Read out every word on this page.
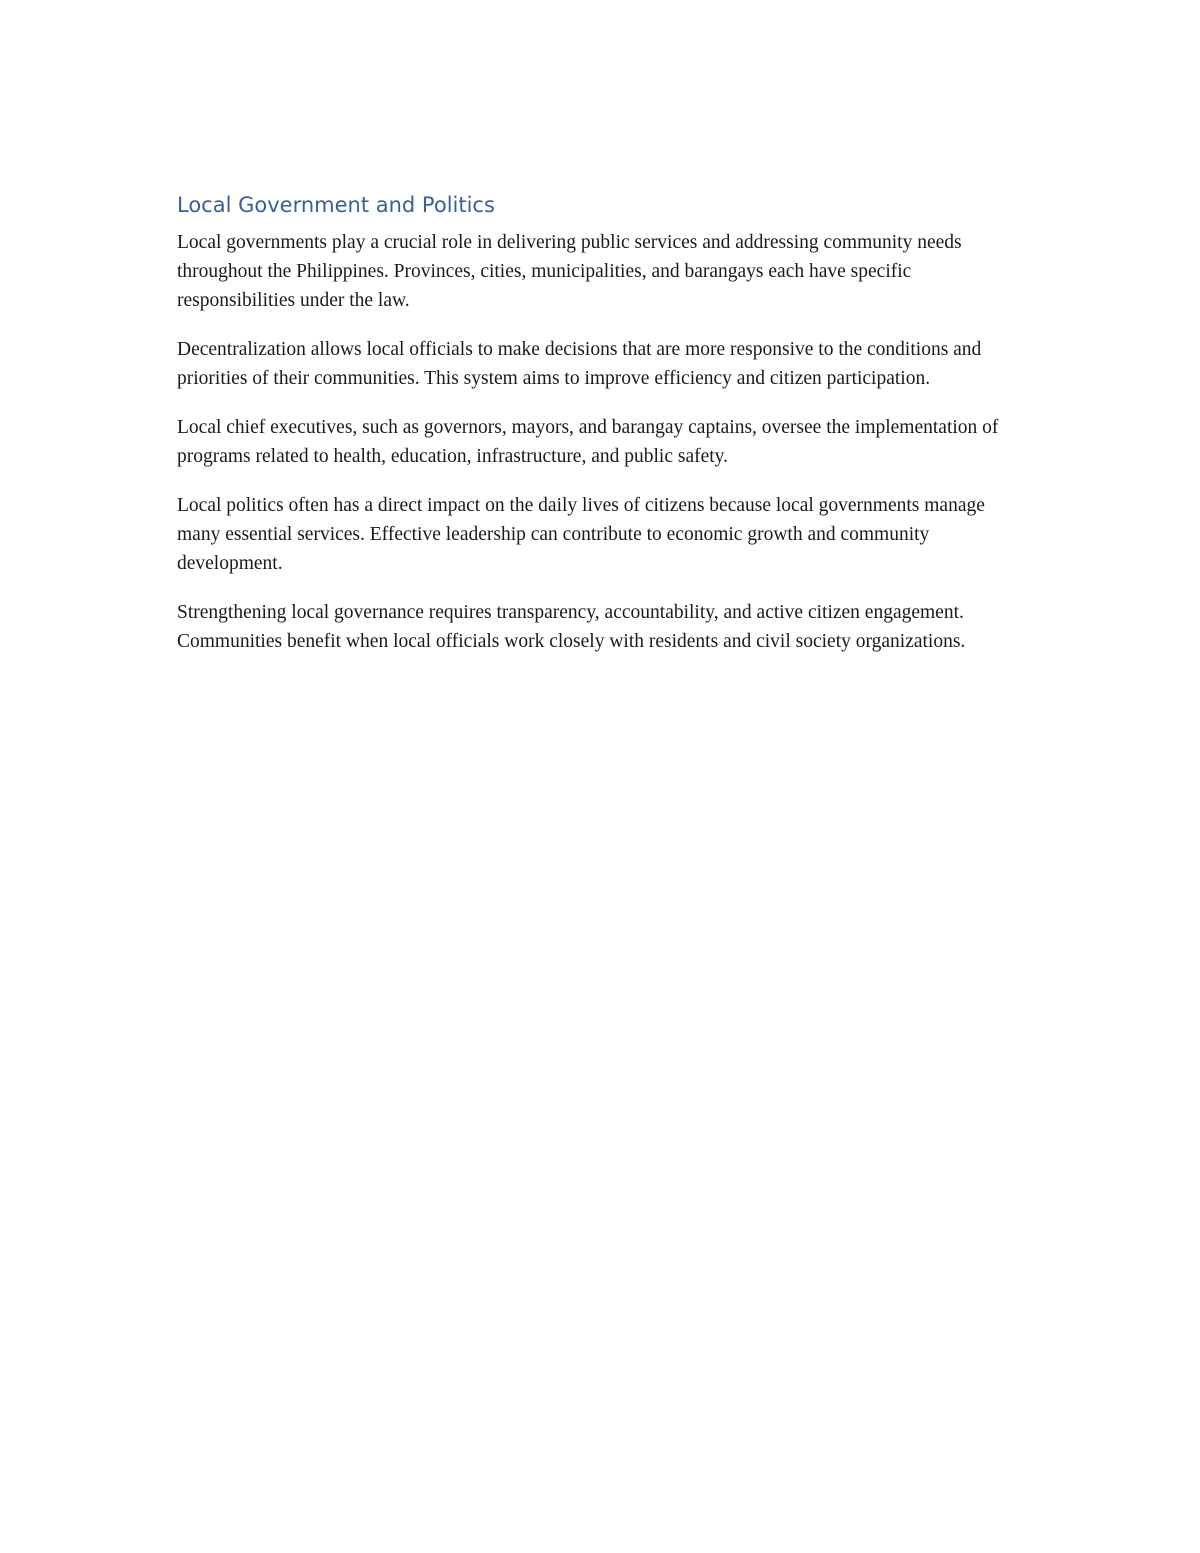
Local Government and Politics

Local governments play a crucial role in delivering public services and addressing community needs throughout the Philippines. Provinces, cities, municipalities, and barangays each have specific responsibilities under the law.

Decentralization allows local officials to make decisions that are more responsive to the conditions and priorities of their communities. This system aims to improve efficiency and citizen participation.

Local chief executives, such as governors, mayors, and barangay captains, oversee the implementation of programs related to health, education, infrastructure, and public safety.

Local politics often has a direct impact on the daily lives of citizens because local governments manage many essential services. Effective leadership can contribute to economic growth and community development.

Strengthening local governance requires transparency, accountability, and active citizen engagement. Communities benefit when local officials work closely with residents and civil society organizations.
